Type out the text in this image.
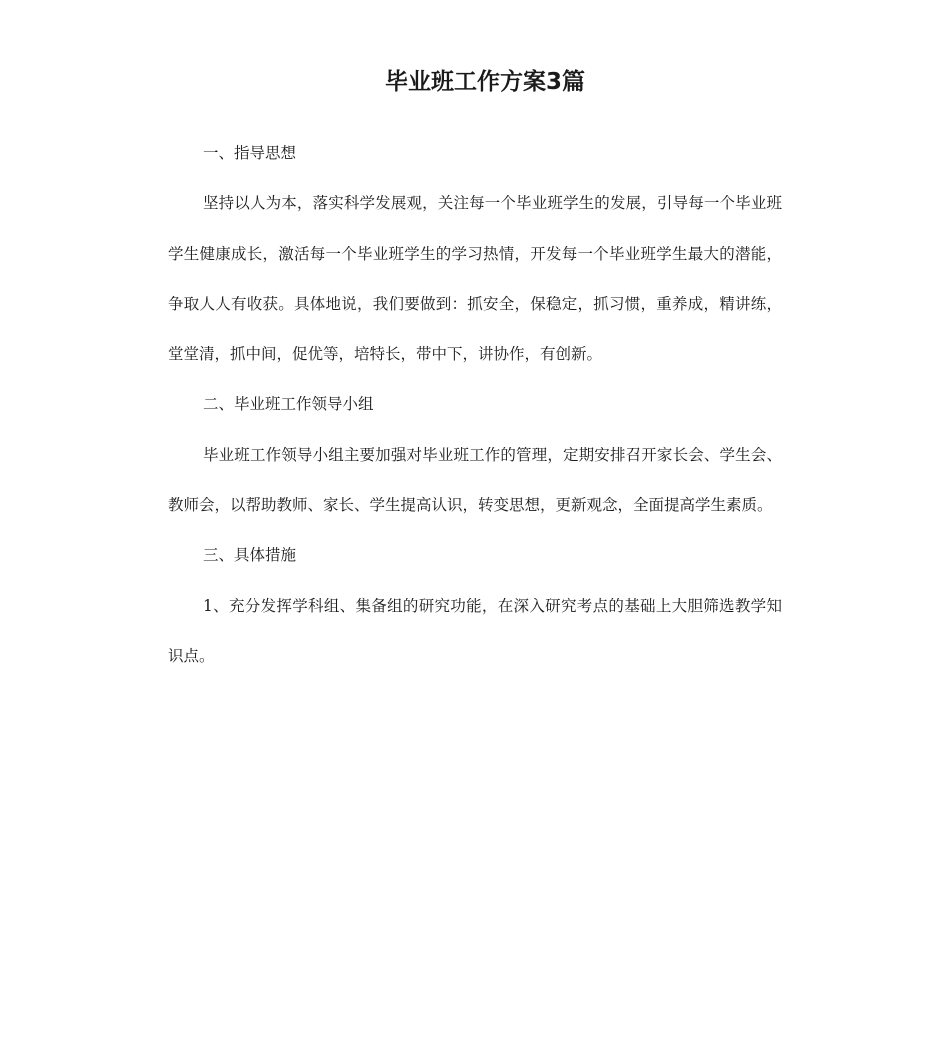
毕业班工作方案3篇

一、指导思想

坚持以人为本，落实科学发展观，关注每一个毕业班学生的发展，引导每一个毕业班学生健康成长，激活每一个毕业班学生的学习热情，开发每一个毕业班学生最大的潜能，争取人人有收获。具体地说，我们要做到：抓安全，保稳定，抓习惯，重养成，精讲练，堂堂清，抓中间，促优等，培特长，带中下，讲协作，有创新。

二、毕业班工作领导小组

毕业班工作领导小组主要加强对毕业班工作的管理，定期安排召开家长会、学生会、教师会，以帮助教师、家长、学生提高认识，转变思想，更新观念，全面提高学生素质。

三、具体措施

1、充分发挥学科组、集备组的研究功能，在深入研究考点的基础上大胆筛选教学知识点。
